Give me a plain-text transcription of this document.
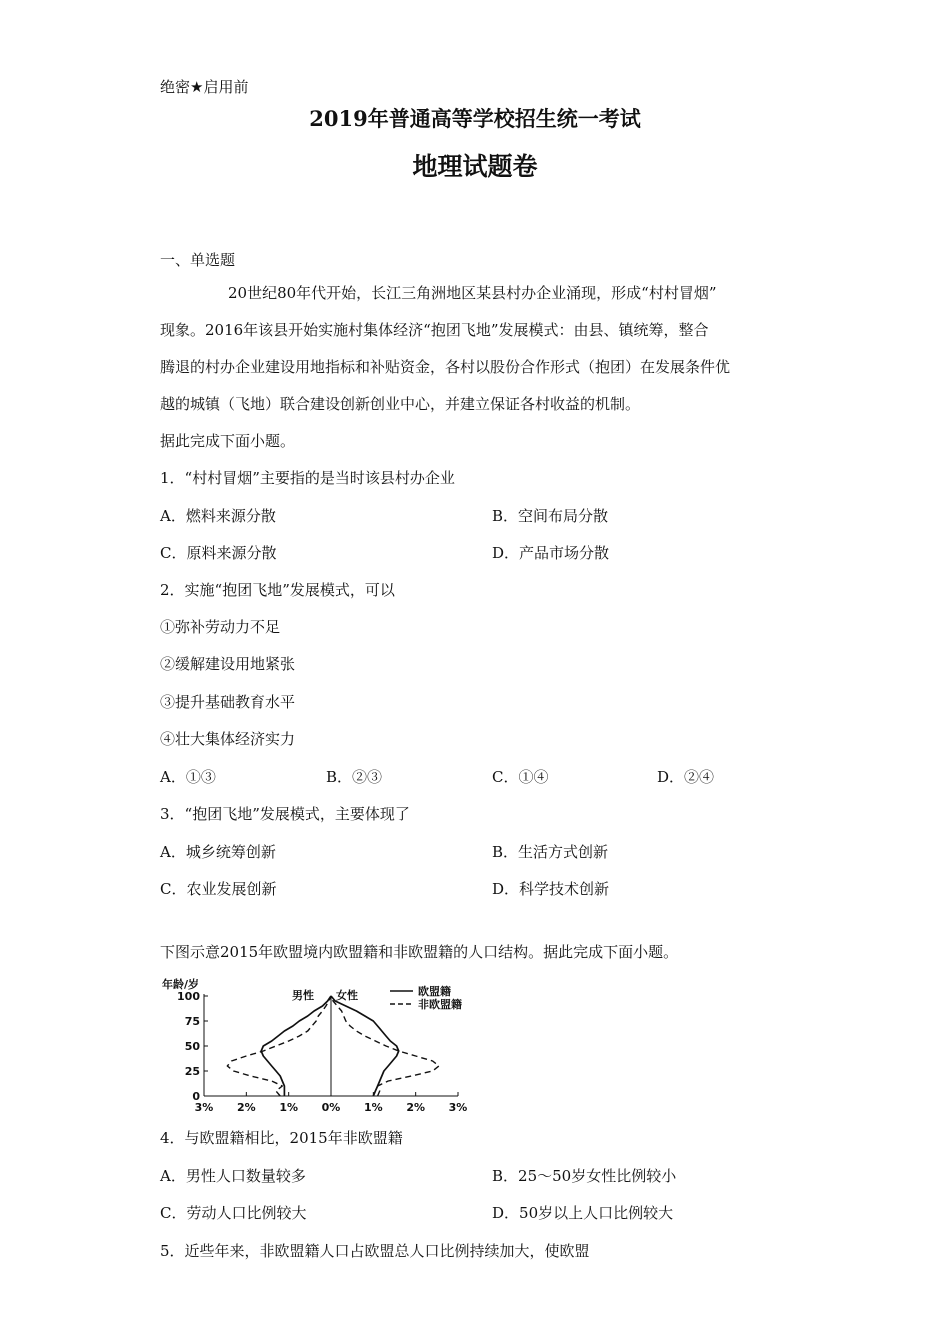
绝密★启用前
2019年普通高等学校招生统一考试
地理试题卷
一、单选题
20世纪80年代开始，长江三角洲地区某县村办企业涌现，形成“村村冒烟”
现象。2016年该县开始实施村集体经济“抱团飞地”发展模式：由县、镇统筹，整合
腾退的村办企业建设用地指标和补贴资金，各村以股份合作形式（抱团）在发展条件优
越的城镇（飞地）联合建设创新创业中心，并建立保证各村收益的机制。
据此完成下面小题。
1．“村村冒烟”主要指的是当时该县村办企业
A．燃料来源分散	B．空间布局分散
C．原料来源分散	D．产品市场分散
2．实施“抱团飞地”发展模式，可以
①弥补劳动力不足
②缓解建设用地紧张
③提升基础教育水平
④壮大集体经济实力
A．①③	B．②③	C．①④	D．②④
3．“抱团飞地”发展模式，主要体现了
A．城乡统筹创新	B．生活方式创新
C．农业发展创新	D．科学技术创新
下图示意2015年欧盟境内欧盟籍和非欧盟籍的人口结构。据此完成下面小题。
年龄/岁
0
25
50
75
100
3% 2% 1% 0% 1% 2% 3%
男性 女性	欧盟籍
非欧盟籍
4．与欧盟籍相比，2015年非欧盟籍
A．男性人口数量较多	B．25～50岁女性比例较小
C．劳动人口比例较大	D．50岁以上人口比例较大
5．近些年来，非欧盟籍人口占欧盟总人口比例持续加大，使欧盟
